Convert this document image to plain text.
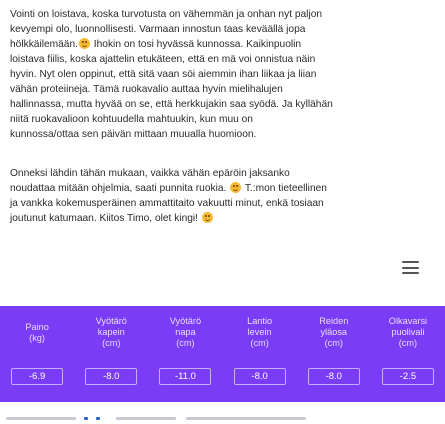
Vointi on loistava, koska turvotusta on vähemmän ja onhan nyt paljon
kevyempi olo, luonnollisesti. Varmaan innostun taas keväällä jopa
hölkkäilemään.
Ihokin on tosi hyvässä kunnossa. Kaikinpuolin
loistava fiilis, koska ajattelin etukäteen, että en mä voi onnistua näin
hyvin. Nyt olen oppinut, että sitä vaan söi aiemmin ihan liikaa ja liian
vähän proteiineja. Tämä ruokavalio auttaa hyvin mielihalujen
hallinnassa, mutta hyvää on se, että herkkujakin saa syödä. Ja kyllähän
niitä ruokavalioon kohtuudella mahtuukin, kun muu on
kunnossa/ottaa sen päivän mittaan muualla huomioon.
Onneksi lähdin tähän mukaan, vaikka vähän epäröin jaksanko
noudattaa mitään ohjelmia, saati punnita ruokia.
T.:mon tieteellinen
ja vankka kokemusperäinen ammattitaito vakuutti minut, enkä tosiaan
joutunut katumaan. Kiitos Timo, olet kingi!
Paino
(kg)
-6.9
Vyötärö
kapein
(cm)
-8.0
Vyötärö
napa
(cm)
-11.0
Lantio
levein
(cm)
-8.0
Reiden
yläosa
(cm)
-8.0
Olkavarsi
puolivali
(cm)
-2.5
